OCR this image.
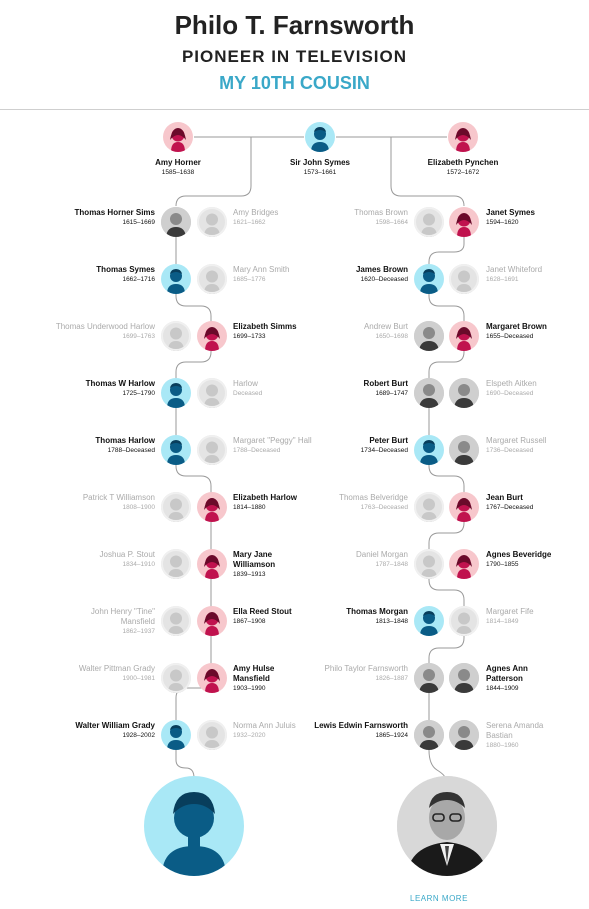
Philo T. Farnsworth
PIONEER IN TELEVISION
MY 10TH COUSIN
Amy Horner
1585–1638
Sir John Symes
1573–1661
Elizabeth Pynchen
1572–1672
Thomas Horner Sims
1615–1669
Amy Bridges
1621–1662
Thomas Brown
1598–1664
Janet Symes
1594–1620
Thomas Symes
1662–1716
Mary Ann Smith
1685–1776
James Brown
1620–Deceased
Janet Whiteford
1628–1691
Thomas Underwood Harlow
1699–1763
Elizabeth Simms
1699–1733
Andrew Burt
1650–1698
Margaret Brown
1655–Deceased
Thomas W Harlow
1725–1790
Harlow
Deceased
Robert Burt
1689–1747
Elspeth Aitken
1690–Deceased
Thomas Harlow
1788–Deceased
Margaret "Peggy" Hall
1788–Deceased
Peter Burt
1734–Deceased
Margaret Russell
1736–Deceased
Patrick T Williamson
1808–1900
Elizabeth Harlow
1814–1880
Thomas Belveridge
1763–Deceased
Jean Burt
1767–Deceased
Joshua P. Stout
1834–1910
Mary Jane Williamson
1839–1913
Daniel Morgan
1787–1848
Agnes Beveridge
1790–1855
John Henry "Tine" Mansfield
1862–1937
Ella Reed Stout
1867–1908
Thomas Morgan
1813–1848
Margaret Fife
1814–1849
Walter Pittman Grady
1900–1981
Amy Hulse Mansfield
1903–1990
Philo Taylor Farnsworth
1826–1887
Agnes Ann Patterson
1844–1909
Walter William Grady
1928–2002
Norma Ann Juluis
1932–2020
Lewis Edwin Farnsworth
1865–1924
Serena Amanda Bastian
1880–1960
LEARN MORE
